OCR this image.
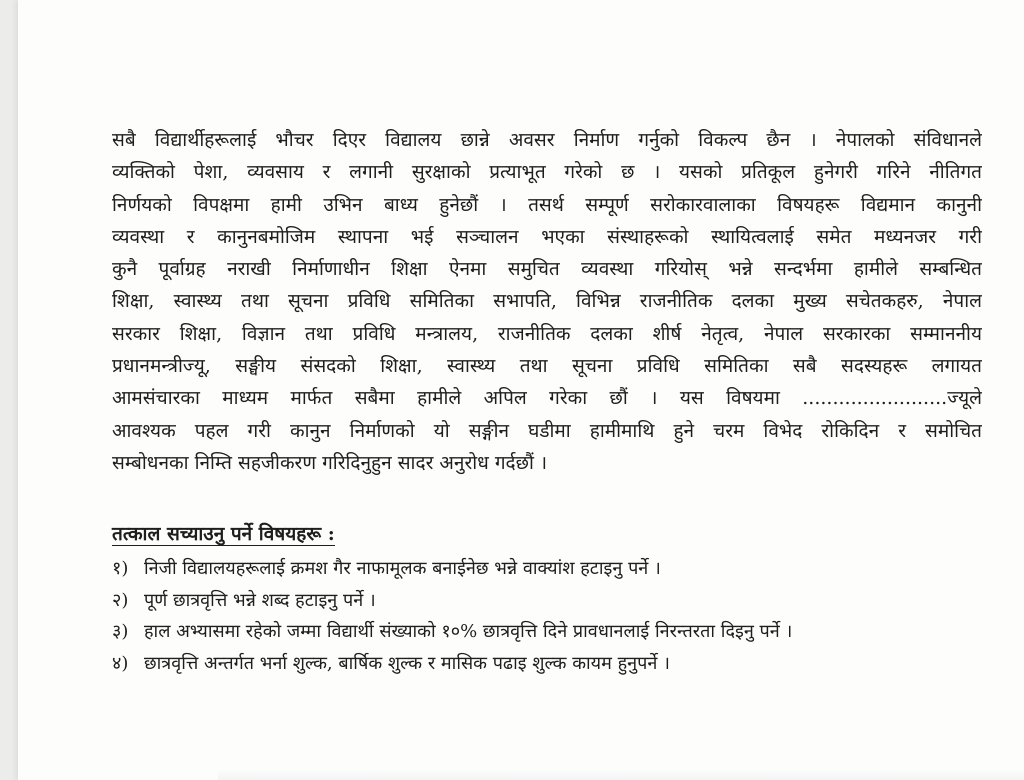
सबै विद्यार्थीहरूलाई भौचर दिएर विद्यालय छान्ने अवसर निर्माण गर्नुको विकल्प छैन । नेपालको संविधानले
व्यक्तिको पेशा, व्यवसाय र लगानी सुरक्षाको प्रत्याभूत गरेको छ । यसको प्रतिकूल हुनेगरी गरिने नीतिगत
निर्णयको विपक्षमा हामी उभिन बाध्य हुनेछौं । तसर्थ सम्पूर्ण सरोकारवालाका विषयहरू विद्यमान कानुनी
व्यवस्था र कानुनबमोजिम स्थापना भई सञ्चालन भएका संस्थाहरूको स्थायित्वलाई समेत मध्यनजर गरी
कुनै पूर्वाग्रह नराखी निर्माणाधीन शिक्षा ऐनमा समुचित व्यवस्था गरियोस् भन्ने सन्दर्भमा हामीले सम्बन्धित
शिक्षा, स्वास्थ्य तथा सूचना प्रविधि समितिका सभापति, विभिन्न राजनीतिक दलका मुख्य सचेतकहरु, नेपाल
सरकार शिक्षा, विज्ञान तथा प्रविधि मन्त्रालय, राजनीतिक दलका शीर्ष नेतृत्व, नेपाल सरकारका सम्माननीय
प्रधानमन्त्रीज्यू, सङ्घीय संसदको शिक्षा, स्वास्थ्य तथा सूचना प्रविधि समितिका सबै सदस्यहरू लगायत
आमसंचारका माध्यम मार्फत सबैमा हामीले अपिल गरेका छौं । यस विषयमा ........................ज्यूले
आवश्यक पहल गरी कानुन निर्माणको यो सङ्गीन घडीमा हामीमाथि हुने चरम विभेद रोकिदिन र समोचित
सम्बोधनका निम्ति सहजीकरण गरिदिनुहुन सादर अनुरोध गर्दछौं ।
तत्काल सच्याउनु पर्ने विषयहरू :
१) निजी विद्यालयहरूलाई क्रमश गैर नाफामूलक बनाईनेछ भन्ने वाक्यांश हटाइनु पर्ने ।
२) पूर्ण छात्रवृत्ति भन्ने शब्द हटाइनु पर्ने ।
३) हाल अभ्यासमा रहेको जम्मा विद्यार्थी संख्याको १०% छात्रवृत्ति दिने प्रावधानलाई निरन्तरता दिइनु पर्ने ।
४) छात्रवृत्ति अन्तर्गत भर्ना शुल्क, बार्षिक शुल्क र मासिक पढाइ शुल्क कायम हुनुपर्ने ।
